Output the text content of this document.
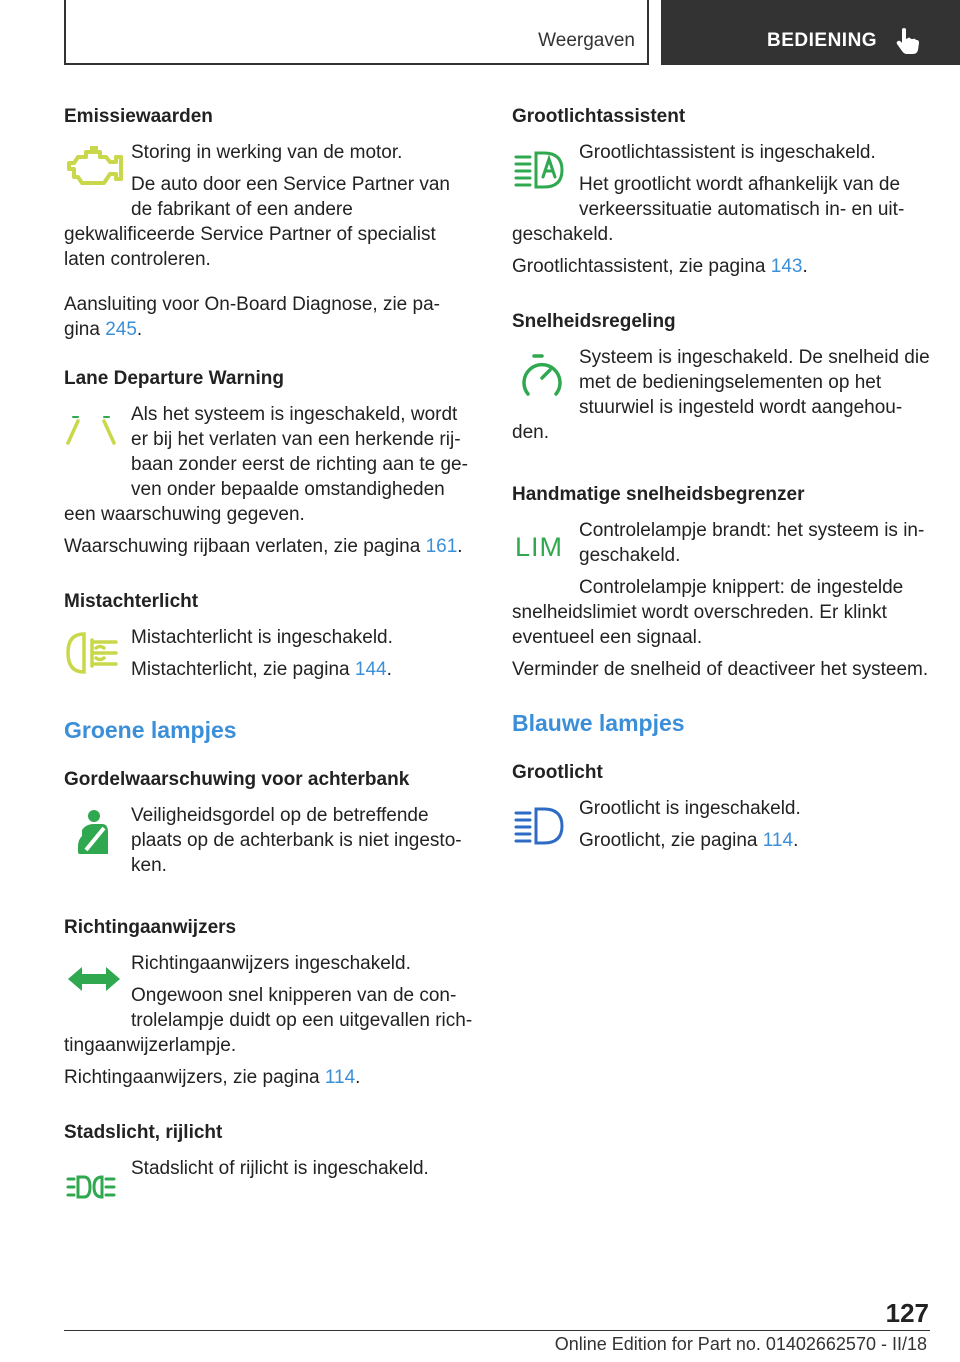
Weergaven	BEDIENING
Emissiewaarden

Storing in werking van de motor.

De auto door een Service Partner van de fabrikant of een andere gekwalificeerde Service Partner of specialist laten controleren.

Aansluiting voor On-Board Diagnose, zie pagina 245.

Lane Departure Warning

Als het systeem is ingeschakeld, wordt er bij het verlaten van een herkende rijbaan zonder eerst de richting aan te geven onder bepaalde omstandigheden een waarschuwing gegeven.

Waarschuwing rijbaan verlaten, zie pagina 161.

Mistachterlicht

Mistachterlicht is ingeschakeld.

Mistachterlicht, zie pagina 144.

Groene lampjes
Gordelwaarschuwing voor achterbank

Veiligheidsgordel op de betreffende plaats op de achterbank is niet ingestoken.

Richtingaanwijzers

Richtingaanwijzers ingeschakeld.

Ongewoon snel knipperen van de controlelampje duidt op een uitgevallen richtingaanwijzerlampje.

Richtingaanwijzers, zie pagina 114.

Stadslicht, rijlicht

Stadslicht of rijlicht is ingeschakeld.

Grootlichtassistent

Grootlichtassistent is ingeschakeld.

Het grootlicht wordt afhankelijk van de verkeerssituatie automatisch in- en uitgeschakeld.

Grootlichtassistent, zie pagina 143.

Snelheidsregeling

Systeem is ingeschakeld. De snelheid die met de bedieningselementen op het stuurwiel is ingesteld wordt aangehouden.

Handmatige snelheidsbegrenzer
LIM

Controlelampje brandt: het systeem is ingeschakeld.

Controlelampje knippert: de ingestelde snelheidslimiet wordt overschreden. Er klinkt eventueel een signaal.

Verminder de snelheid of deactiveer het systeem.

Blauwe lampjes
Grootlicht

Grootlicht is ingeschakeld.

Grootlicht, zie pagina 114.

127
Online Edition for Part no. 01402662570 - II/18
